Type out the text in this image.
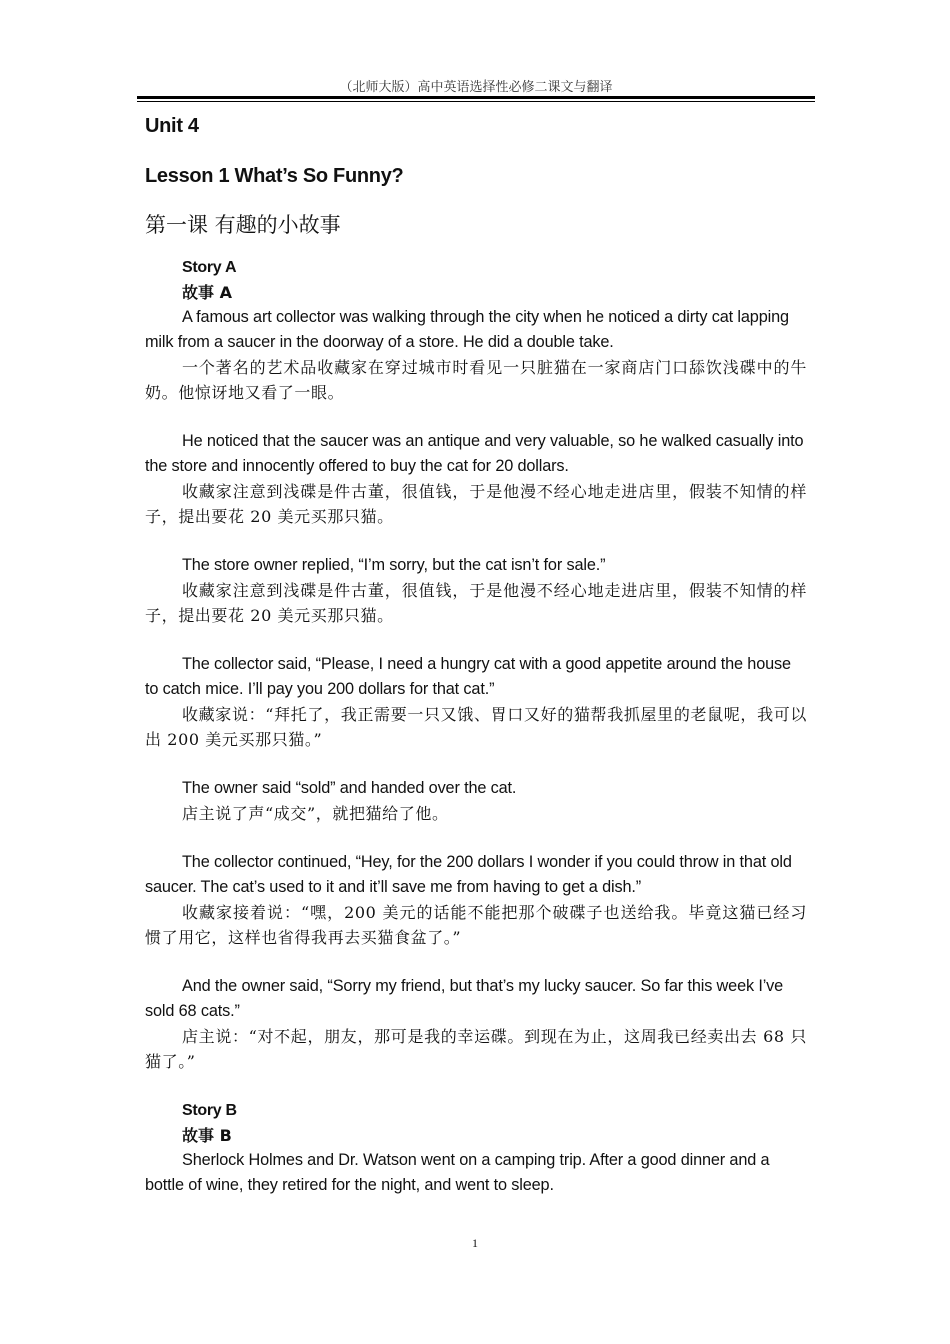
（北师大版）高中英语选择性必修二课文与翻译
Unit 4
Lesson 1 What’s So Funny?
第一课 有趣的小故事
Story A
故事 A

A famous art collector was walking through the city when he noticed a dirty cat lapping milk from a saucer in the doorway of a store. He did a double take.

一个著名的艺术品收藏家在穿过城市时看见一只脏猫在一家商店门口舔饮浅碟中的牛奶。他惊讶地又看了一眼。

He noticed that the saucer was an antique and very valuable, so he walked casually into the store and innocently offered to buy the cat for 20 dollars.

收藏家注意到浅碟是件古董，很值钱，于是他漫不经心地走进店里，假装不知情的样子，提出要花 20 美元买那只猫。

The store owner replied, “I’m sorry, but the cat isn’t for sale.”

收藏家注意到浅碟是件古董，很值钱，于是他漫不经心地走进店里，假装不知情的样子，提出要花 20 美元买那只猫。

The collector said, “Please, I need a hungry cat with a good appetite around the house to catch mice. I’ll pay you 200 dollars for that cat.”

收藏家说：“拜托了，我正需要一只又饿、胃口又好的猫帮我抓屋里的老鼠呢，我可以出 200 美元买那只猫。”

The owner said “sold” and handed over the cat.

店主说了声“成交”，就把猫给了他。

The collector continued, “Hey, for the 200 dollars I wonder if you could throw in that old saucer. The cat’s used to it and it’ll save me from having to get a dish.”

收藏家接着说：“嘿，200 美元的话能不能把那个破碟子也送给我。毕竟这猫已经习惯了用它，这样也省得我再去买猫食盆了。”

And the owner said, “Sorry my friend, but that’s my lucky saucer. So far this week I’ve sold 68 cats.”

店主说：“对不起，朋友，那可是我的幸运碟。到现在为止，这周我已经卖出去 68 只猫了。”

Story B
故事 B

Sherlock Holmes and Dr. Watson went on a camping trip. After a good dinner and a bottle of wine, they retired for the night, and went to sleep.

1
